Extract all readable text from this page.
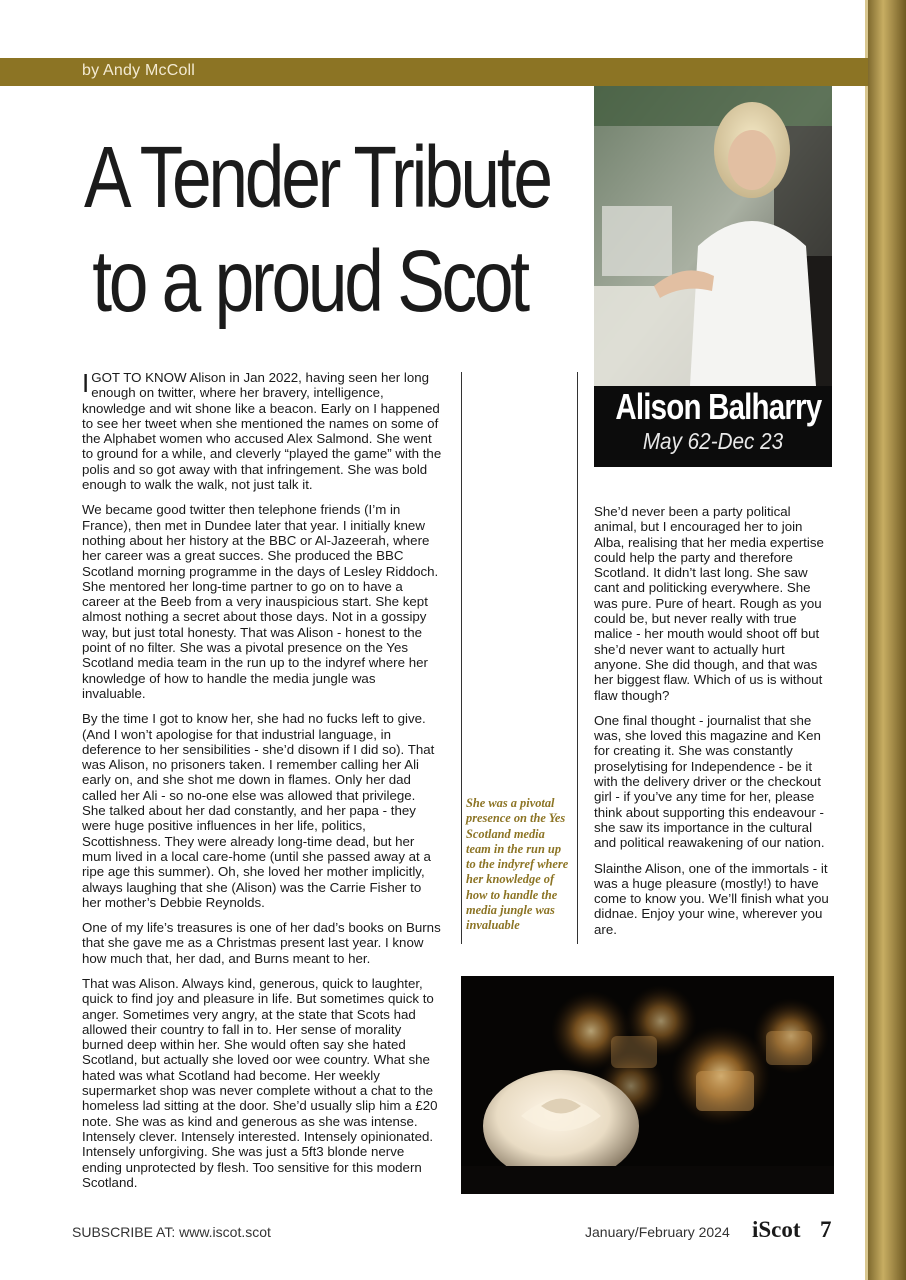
by Andy McColl
A Tender Tribute
to a proud Scot
Alison Balharry
May 62-Dec 23

IGOT TO KNOW Alison in Jan 2022, having seen her long enough on twitter, where her bravery, intelligence, knowledge and wit shone like a beacon. Early on I happened to see her tweet when she mentioned the names on some of the Alphabet women who accused Alex Salmond. She went to ground for a while, and cleverly “played the game” with the polis and so got away with that infringement. She was bold enough to walk the walk, not just talk it.

We became good twitter then telephone friends (I’m in France), then met in Dundee later that year. I initially knew nothing about her history at the BBC or Al-Jazeerah, where her career was a great succes. She produced the BBC Scotland morning programme in the days of Lesley Riddoch. She mentored her long-time partner to go on to have a career at the Beeb from a very inauspicious start. She kept almost nothing a secret about those days. Not in a gossipy way, but just total honesty. That was Alison - honest to the point of no filter. She was a pivotal presence on the Yes Scotland media team in the run up to the indyref where her knowledge of how to handle the media jungle was invaluable.

By the time I got to know her, she had no fucks left to give. (And I won’t apologise for that industrial language, in deference to her sensibilities - she’d disown if I did so). That was Alison, no prisoners taken. I remember calling her Ali early on, and she shot me down in flames. Only her dad called her Ali - so no-one else was allowed that privilege. She talked about her dad constantly, and her papa - they were huge positive influences in her life, politics, Scottishness. They were already long-time dead, but her mum lived in a local care-home (until she passed away at a ripe age this summer). Oh, she loved her mother implicitly, always laughing that she (Alison) was the Carrie Fisher to her mother’s Debbie Reynolds.

One of my life’s treasures is one of her dad’s books on Burns that she gave me as a Christmas present last year. I know how much that, her dad, and Burns meant to her.

That was Alison. Always kind, generous, quick to laughter, quick to find joy and pleasure in life. But sometimes quick to anger. Sometimes very angry, at the state that Scots had allowed their country to fall in to. Her sense of morality burned deep within her. She would often say she hated Scotland, but actually she loved oor wee country. What she hated was what Scotland had become. Her weekly supermarket shop was never complete without a chat to the homeless lad sitting at the door. She’d usually slip him a £20 note. She was as kind and generous as she was intense. Intensely clever. Intensely interested. Intensely opinionated. Intensely unforgiving. She was just a 5ft3 blonde nerve ending unprotected by flesh. Too sensitive for this modern Scotland.

She was a pivotal presence on the Yes Scotland media team in the run up to the indyref where her knowledge of how to handle the media jungle was invaluable

She’d never been a party political animal, but I encouraged her to join Alba, realising that her media expertise could help the party and therefore Scotland. It didn’t last long. She saw cant and politicking everywhere. She was pure. Pure of heart. Rough as you could be, but never really with true malice - her mouth would shoot off but she’d never want to actually hurt anyone. She did though, and that was her biggest flaw. Which of us is without flaw though?

One final thought - journalist that she was, she loved this magazine and Ken for creating it. She was constantly proselytising for Independence - be it with the delivery driver or the checkout girl - if you’ve any time for her, please think about supporting this endeavour - she saw its importance in the cultural and political reawakening of our nation.

Slainthe Alison, one of the immortals - it was a huge pleasure (mostly!) to have come to know you. We’ll finish what you didnae. Enjoy your wine, wherever you are.

SUBSCRIBE AT: www.iscot.scot	January/February 2024 iScot 7
